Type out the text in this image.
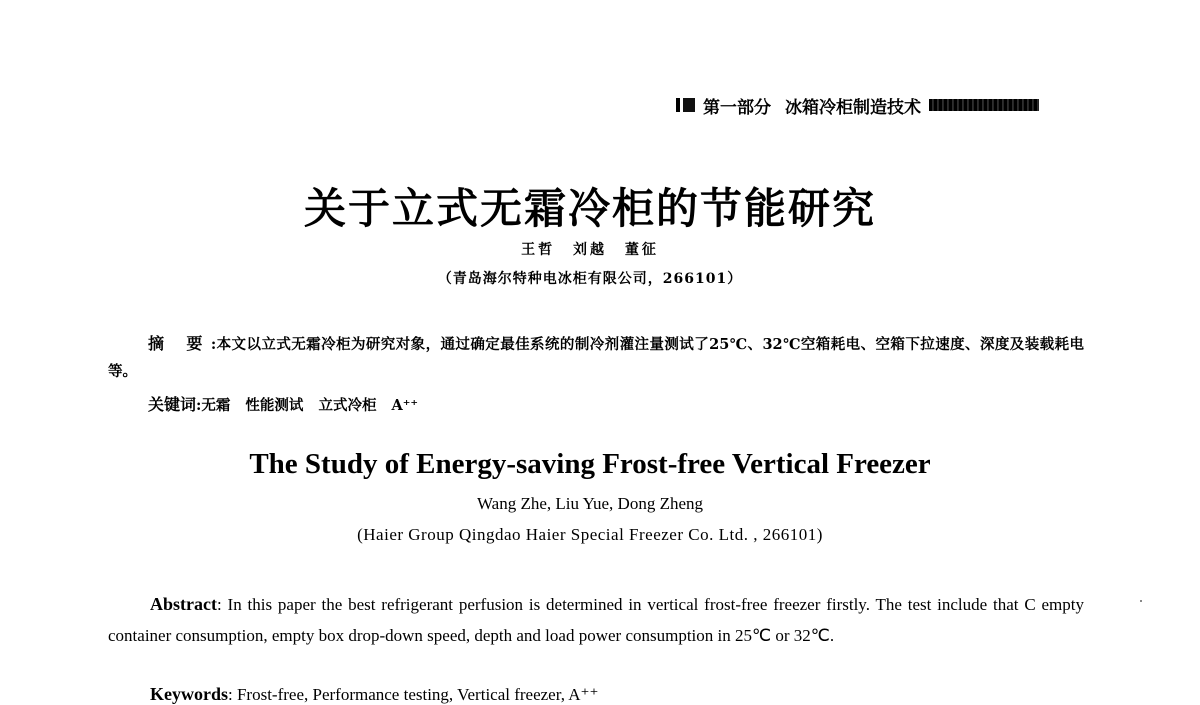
第一部分 冰箱冷柜制造技术
关于立式无霜冷柜的节能研究
王哲 刘越 董征
（青岛海尔特种电冰柜有限公司，266101）
摘 要:本文以立式无霜冷柜为研究对象，通过确定最佳系统的制冷剂灌注量测试了25℃、32℃空箱耗电、空箱下拉速度、深度及装载耗电等。
关键词:无霜 性能测试 立式冷柜 A⁺⁺
The Study of Energy-saving Frost-free Vertical Freezer
Wang Zhe, Liu Yue, Dong Zheng
(Haier Group Qingdao Haier Special Freezer Co. Ltd. , 266101)
Abstract: In this paper the best refrigerant perfusion is determined in vertical frost-free freezer firstly. The test include that C empty container consumption, empty box drop-down speed, depth and load power consumption in 25℃ or 32℃.
Keywords: Frost-free, Performance testing, Vertical freezer, A⁺⁺
